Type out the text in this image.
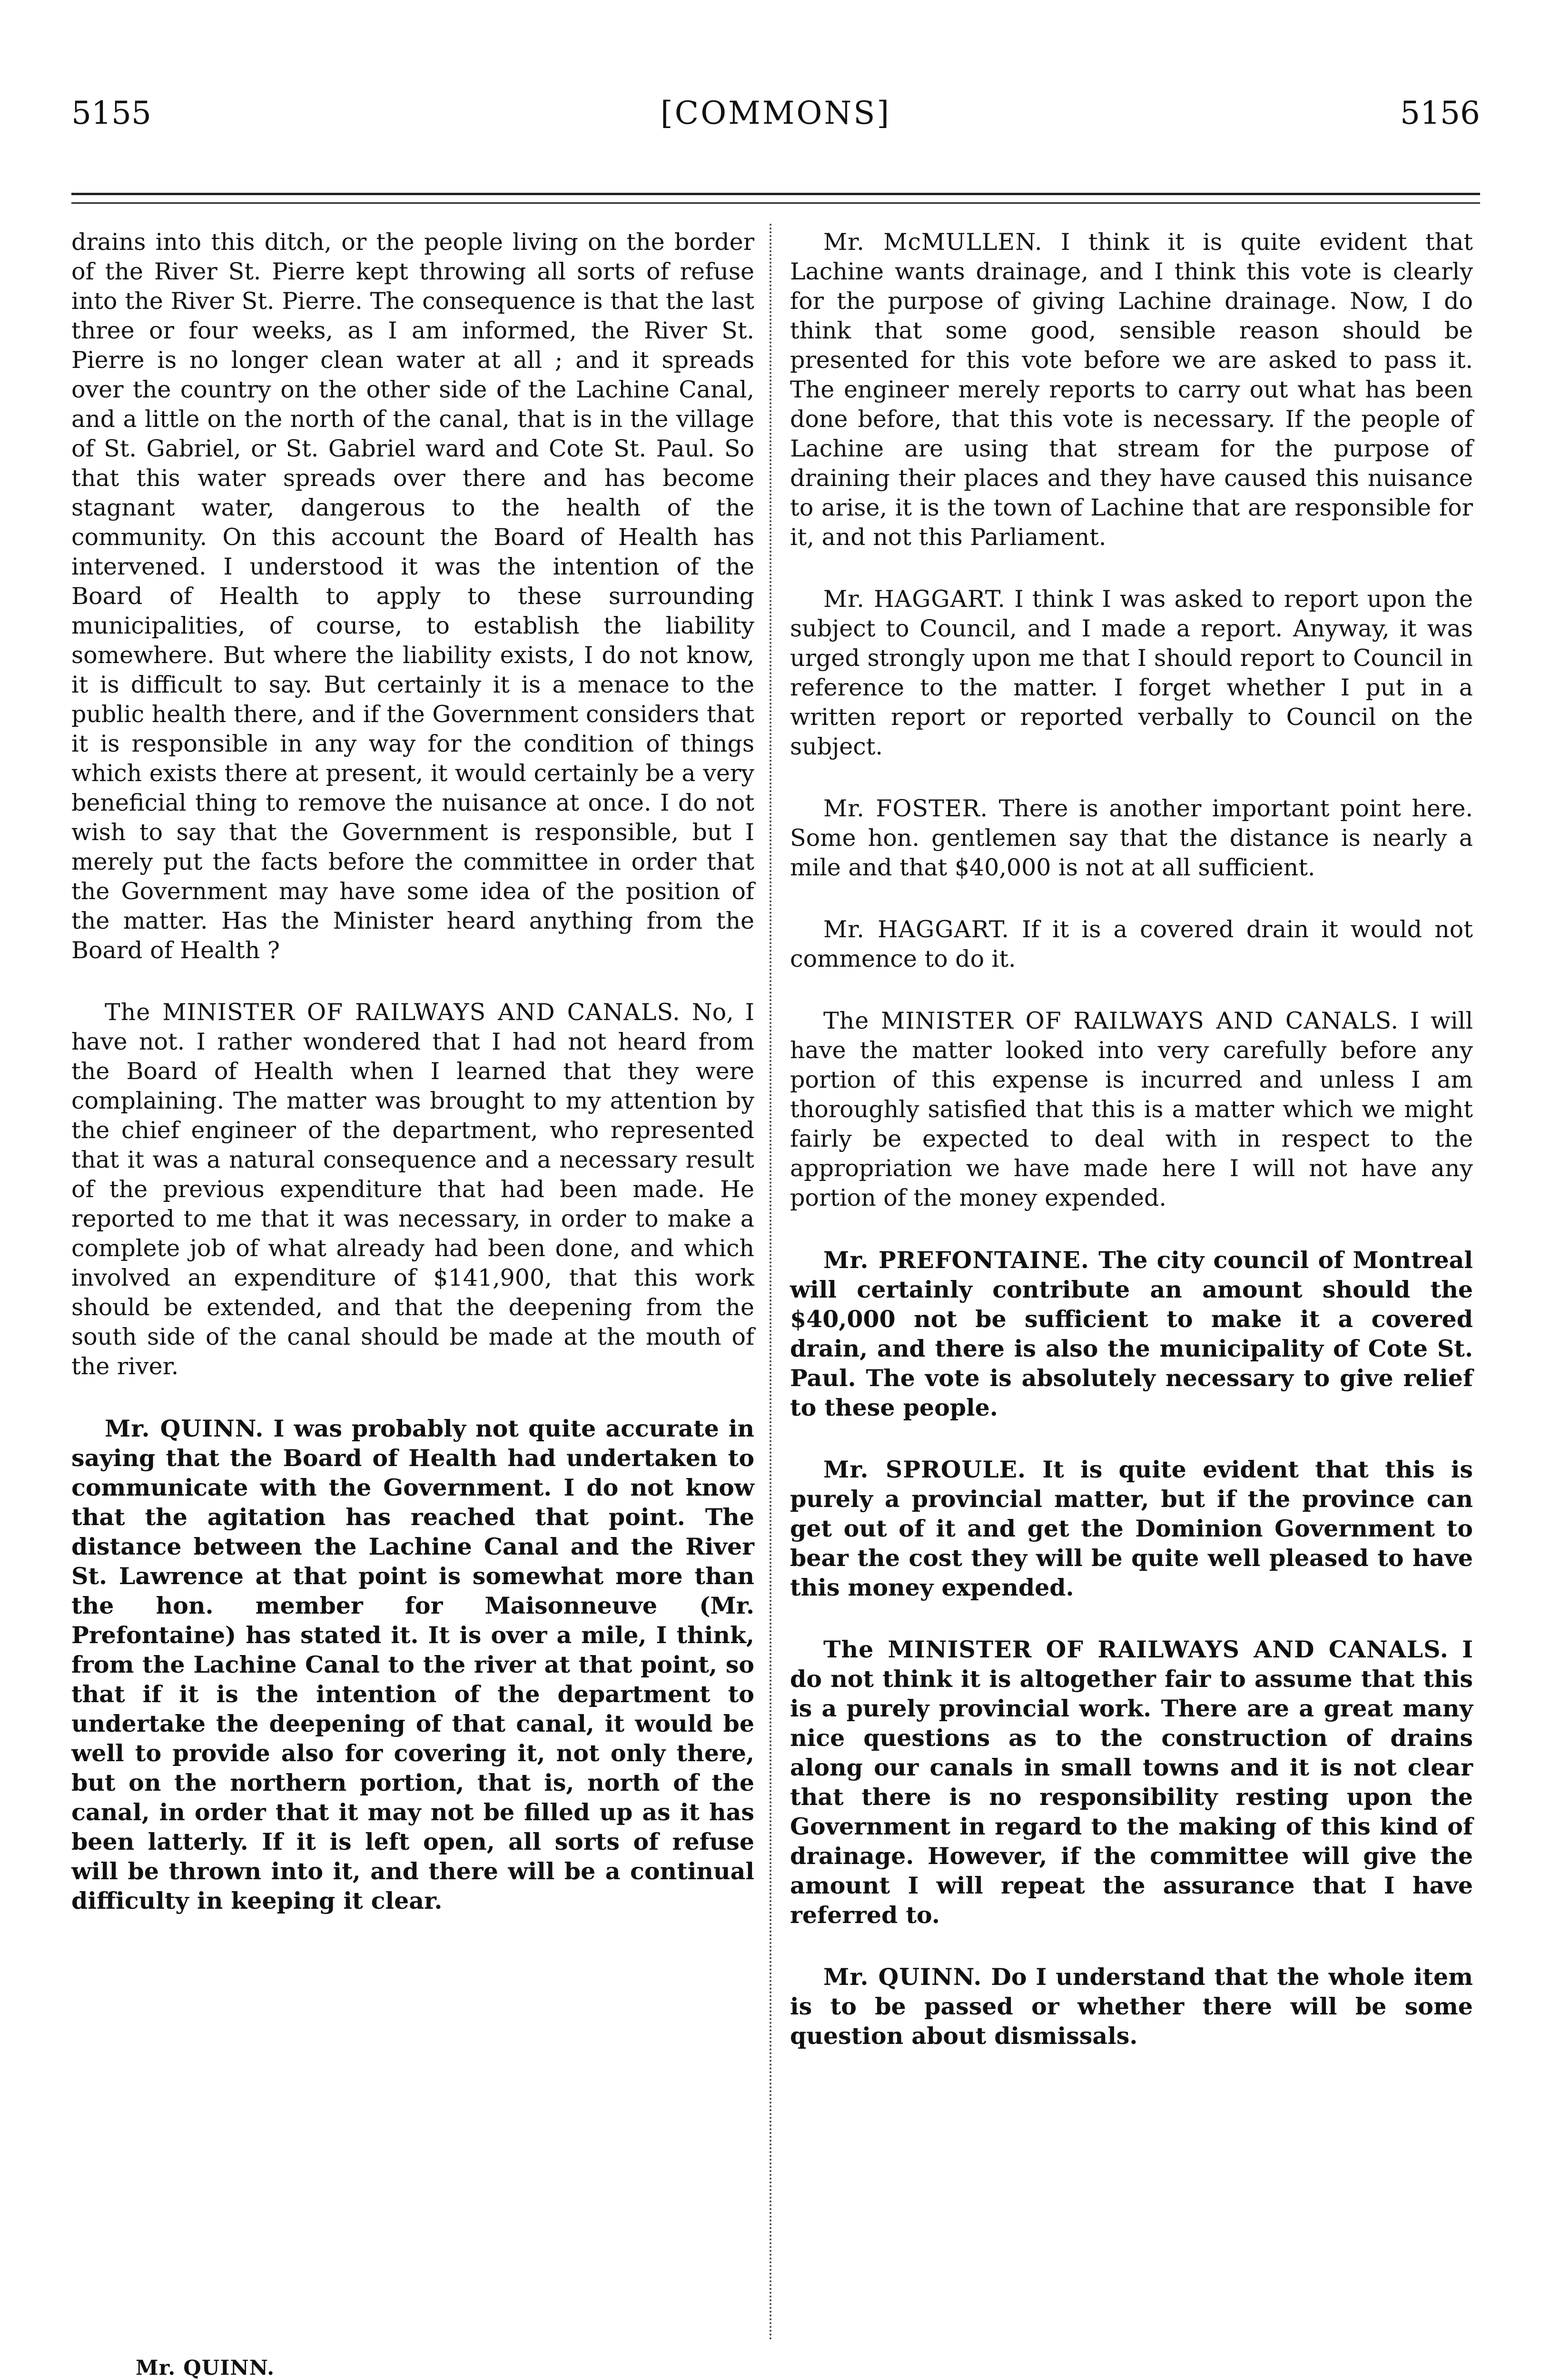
5155	[COMMONS]	5156

drains into this ditch, or the people living on the border of the River St. Pierre kept throwing all sorts of refuse into the River St. Pierre. The consequence is that the last three or four weeks, as I am informed, the River St. Pierre is no longer clean water at all ; and it spreads over the country on the other side of the Lachine Canal, and a little on the north of the canal, that is in the village of St. Gabriel, or St. Gabriel ward and Cote St. Paul. So that this water spreads over there and has become stagnant water, dangerous to the health of the community. On this account the Board of Health has intervened. I understood it was the intention of the Board of Health to apply to these surrounding municipalities, of course, to establish the liability somewhere. But where the liability exists, I do not know, it is difficult to say. But certainly it is a menace to the public health there, and if the Government considers that it is responsible in any way for the condition of things which exists there at present, it would certainly be a very beneficial thing to remove the nuisance at once. I do not wish to say that the Government is responsible, but I merely put the facts before the committee in order that the Government may have some idea of the position of the matter. Has the Minister heard anything from the Board of Health ?

The MINISTER OF RAILWAYS AND CANALS. No, I have not. I rather wondered that I had not heard from the Board of Health when I learned that they were complaining. The matter was brought to my attention by the chief engineer of the department, who represented that it was a natural consequence and a necessary result of the previous expenditure that had been made. He reported to me that it was necessary, in order to make a complete job of what already had been done, and which involved an expenditure of $141,900, that this work should be extended, and that the deepening from the south side of the canal should be made at the mouth of the river.

Mr. QUINN. I was probably not quite accurate in saying that the Board of Health had undertaken to communicate with the Government. I do not know that the agitation has reached that point. The distance between the Lachine Canal and the River St. Lawrence at that point is somewhat more than the hon. member for Maisonneuve (Mr. Prefontaine) has stated it. It is over a mile, I think, from the Lachine Canal to the river at that point, so that if it is the intention of the department to undertake the deepening of that canal, it would be well to provide also for covering it, not only there, but on the northern portion, that is, north of the canal, in order that it may not be filled up as it has been latterly. If it is left open, all sorts of refuse will be thrown into it, and there will be a continual difficulty in keeping it clear.

Mr. McMULLEN. I think it is quite evident that Lachine wants drainage, and I think this vote is clearly for the purpose of giving Lachine drainage. Now, I do think that some good, sensible reason should be presented for this vote before we are asked to pass it. The engineer merely reports to carry out what has been done before, that this vote is necessary. If the people of Lachine are using that stream for the purpose of draining their places and they have caused this nuisance to arise, it is the town of Lachine that are responsible for it, and not this Parliament.

Mr. HAGGART. I think I was asked to report upon the subject to Council, and I made a report. Anyway, it was urged strongly upon me that I should report to Council in reference to the matter. I forget whether I put in a written report or reported verbally to Council on the subject.

Mr. FOSTER. There is another important point here. Some hon. gentlemen say that the distance is nearly a mile and that $40,000 is not at all sufficient.

Mr. HAGGART. If it is a covered drain it would not commence to do it.

The MINISTER OF RAILWAYS AND CANALS. I will have the matter looked into very carefully before any portion of this expense is incurred and unless I am thoroughly satisfied that this is a matter which we might fairly be expected to deal with in respect to the appropriation we have made here I will not have any portion of the money expended.

Mr. PREFONTAINE. The city council of Montreal will certainly contribute an amount should the $40,000 not be sufficient to make it a covered drain, and there is also the municipality of Cote St. Paul. The vote is absolutely necessary to give relief to these people.

Mr. SPROULE. It is quite evident that this is purely a provincial matter, but if the province can get out of it and get the Dominion Government to bear the cost they will be quite well pleased to have this money expended.

The MINISTER OF RAILWAYS AND CANALS. I do not think it is altogether fair to assume that this is a purely provincial work. There are a great many nice questions as to the construction of drains along our canals in small towns and it is not clear that there is no responsibility resting upon the Government in regard to the making of this kind of drainage. However, if the committee will give the amount I will repeat the assurance that I have referred to.

Mr. QUINN. Do I understand that the whole item is to be passed or whether there will be some question about dismissals.

Mr. QUINN.
